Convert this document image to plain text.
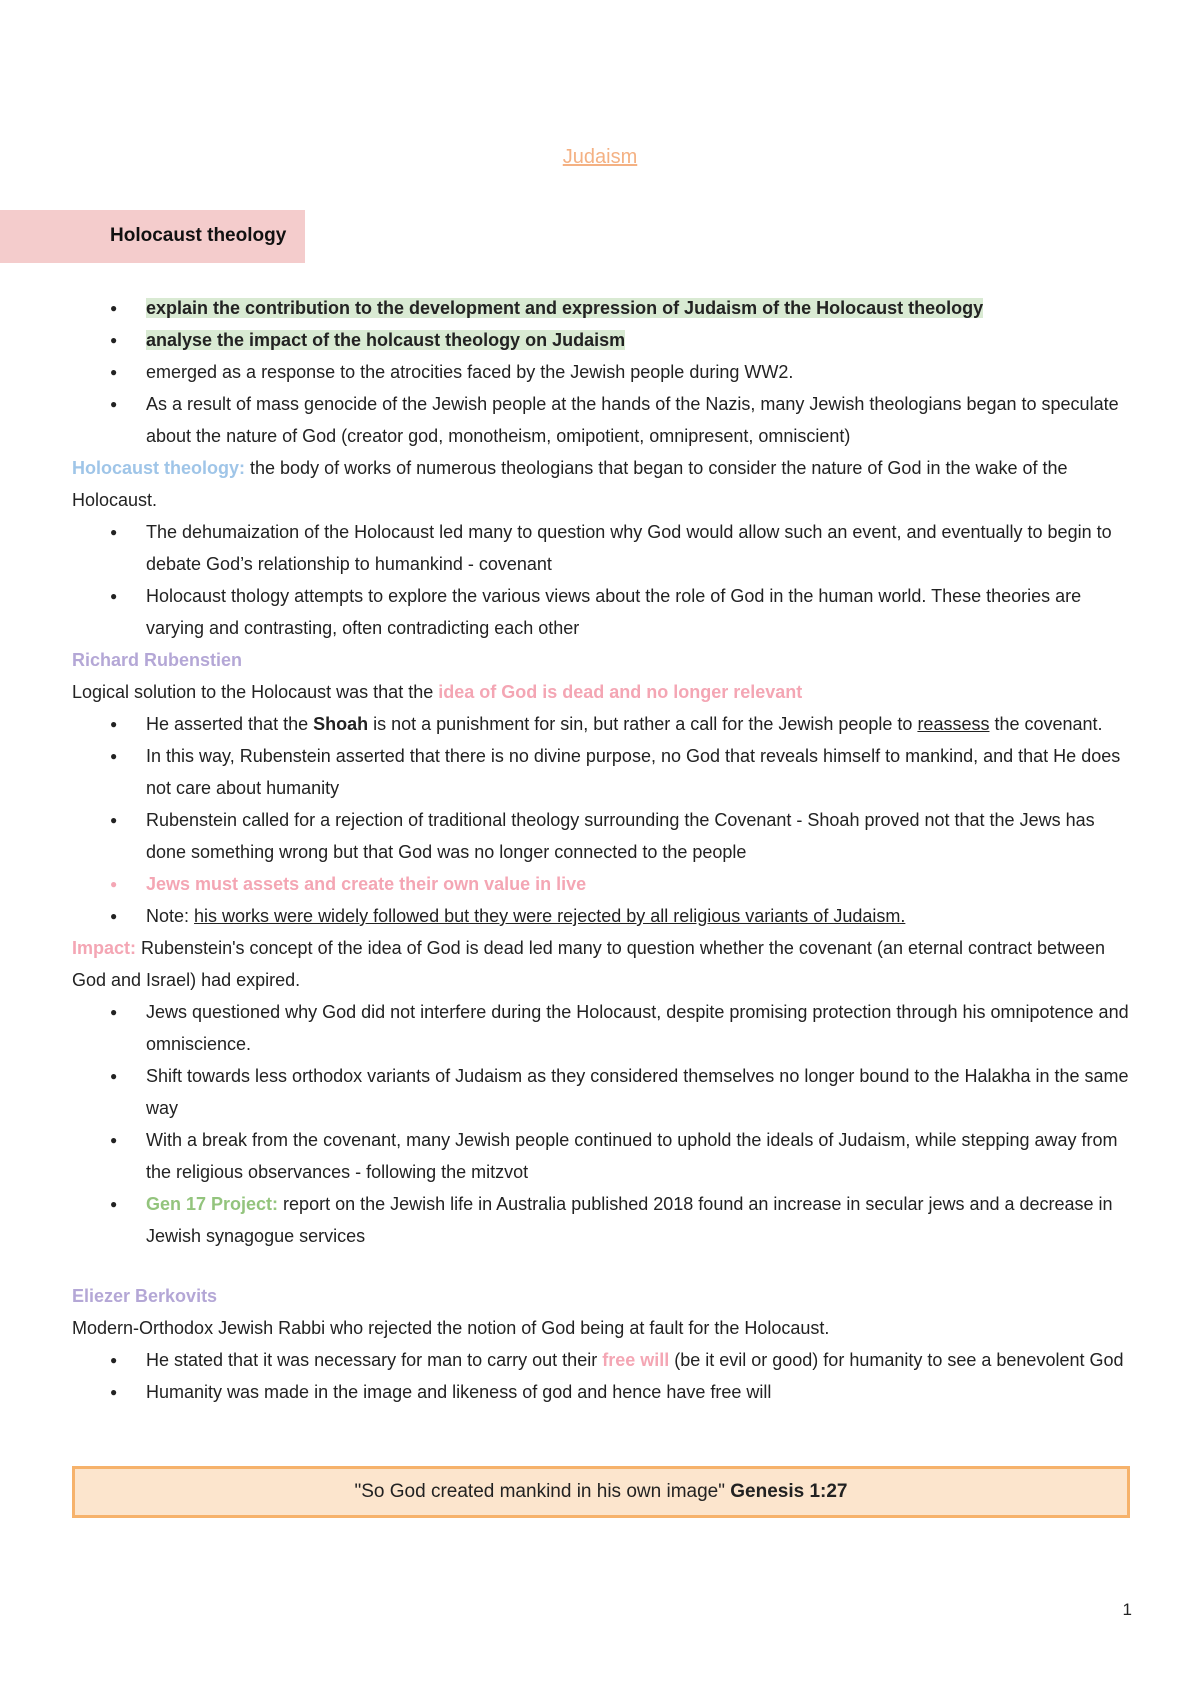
Judaism
Holocaust theology
● explain the contribution to the development and expression of Judaism of the Holocaust theology
● analyse the impact of the holcaust theology on Judaism
● emerged as a response to the atrocities faced by the Jewish people during WW2.
● As a result of mass genocide of the Jewish people at the hands of the Nazis, many Jewish theologians began to speculate about the nature of God (creator god, monotheism, omipotient, omnipresent, omniscient)

Holocaust theology: the body of works of numerous theologians that began to consider the nature of God in the wake of the Holocaust.

● The dehumaization of the Holocaust led many to question why God would allow such an event, and eventually to begin to debate God’s relationship to humankind - covenant
● Holocaust thology attempts to explore the various views about the role of God in the human world. These theories are varying and contrasting, often contradicting each other

Richard Rubenstien

Logical solution to the Holocaust was that the idea of God is dead and no longer relevant

● He asserted that the Shoah is not a punishment for sin, but rather a call for the Jewish people to reassess the covenant.
● In this way, Rubenstein asserted that there is no divine purpose, no God that reveals himself to mankind, and that He does not care about humanity
● Rubenstein called for a rejection of traditional theology surrounding the Covenant - Shoah proved not that the Jews has done something wrong but that God was no longer connected to the people
● Jews must assets and create their own value in live
● Note: his works were widely followed but they were rejected by all religious variants of Judaism.

Impact: Rubenstein's concept of the idea of God is dead led many to question whether the covenant (an eternal contract between God and Israel) had expired.

● Jews questioned why God did not interfere during the Holocaust, despite promising protection through his omnipotence and omniscience.
● Shift towards less orthodox variants of Judaism as they considered themselves no longer bound to the Halakha in the same way
● With a break from the covenant, many Jewish people continued to uphold the ideals of Judaism, while stepping away from the religious observances - following the mitzvot
● Gen 17 Project: report on the Jewish life in Australia published 2018 found an increase in secular jews and a decrease in Jewish synagogue services

Eliezer Berkovits

Modern-Orthodox Jewish Rabbi who rejected the notion of God being at fault for the Holocaust.

● He stated that it was necessary for man to carry out their free will (be it evil or good) for humanity to see a benevolent God
● Humanity was made in the image and likeness of god and hence have free will
"So God created mankind in his own image" Genesis 1:27
1
